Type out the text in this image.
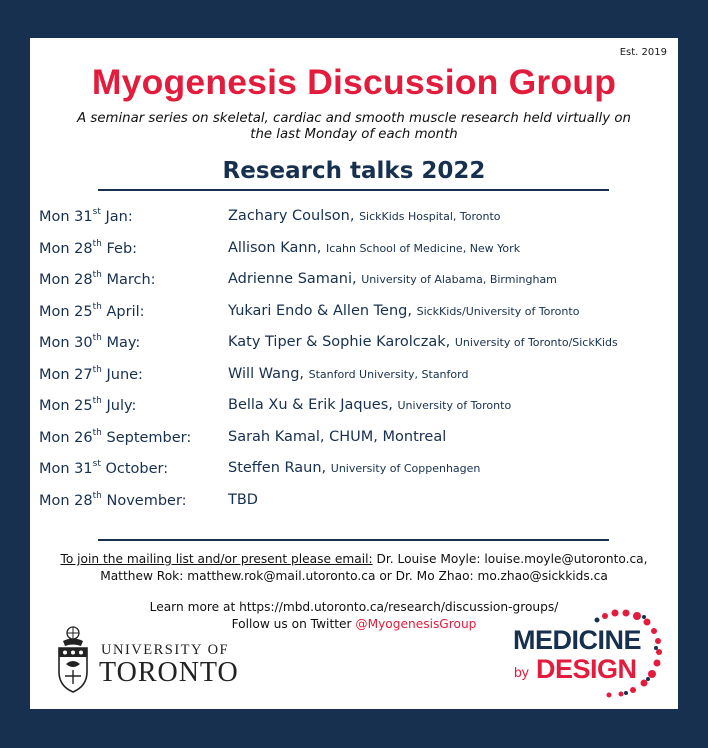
Est. 2019
Myogenesis Discussion Group
A seminar series on skeletal, cardiac and smooth muscle research held virtually on the last Monday of each month
Research talks 2022
Mon 31st Jan:	Zachary Coulson, SickKids Hospital, Toronto
Mon 28th Feb:	Allison Kann, Icahn School of Medicine, New York
Mon 28th March:	Adrienne Samani, University of Alabama, Birmingham
Mon 25th April:	Yukari Endo & Allen Teng, SickKids/University of Toronto
Mon 30th May:	Katy Tiper & Sophie Karolczak, University of Toronto/SickKids
Mon 27th June:	Will Wang, Stanford University, Stanford
Mon 25th July:	Bella Xu & Erik Jaques, University of Toronto
Mon 26th September:	Sarah Kamal, CHUM, Montreal
Mon 31st October:	Steffen Raun, University of Coppenhagen
Mon 28th November:	TBD
To join the mailing list and/or present please email: Dr. Louise Moyle: louise.moyle@utoronto.ca,
Matthew Rok: matthew.rok@mail.utoronto.ca or Dr. Mo Zhao: mo.zhao@sickkids.ca
Learn more at https://mbd.utoronto.ca/research/discussion-groups/
Follow us on Twitter @MyogenesisGroup
UNIVERSITY OF
TORONTO
MEDICINE
by DESIGN
